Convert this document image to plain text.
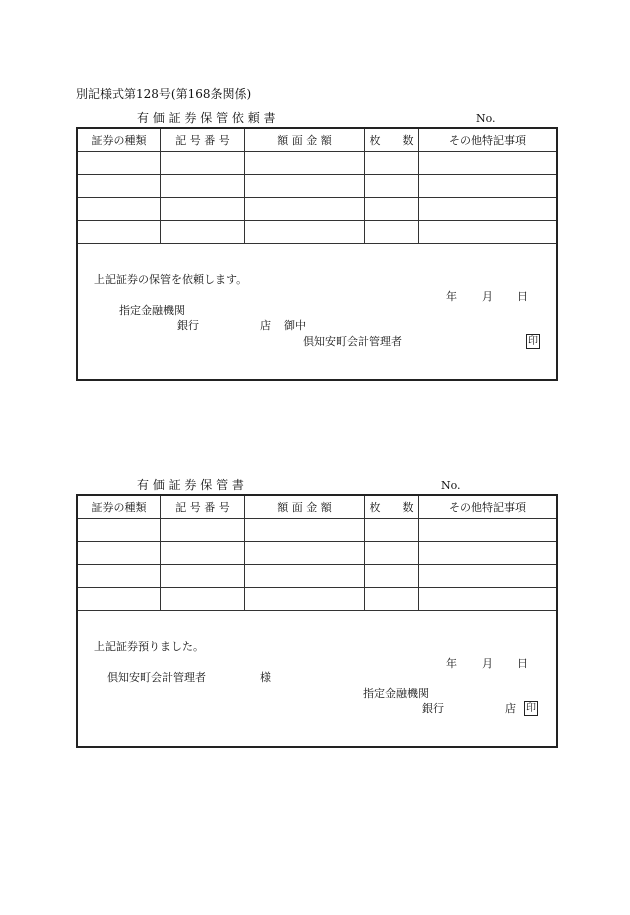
別記様式第128号(第168条関係)
有 価 証 券 保 管 依 頼 書	No.
証券の種類	記 号 番 号	額 面 金 額	枚　　数	その他特記事項

上記証券の保管を依頼します。
年 月 日
指定金融機関
銀行	店 御中
倶知安町会計管理者	印
有 価 証 券 保 管 書	No.
証券の種類	記 号 番 号	額 面 金 額	枚　　数	その他特記事項

上記証券預りました。
年 月 日
倶知安町会計管理者	様
指定金融機関
銀行	店 印
